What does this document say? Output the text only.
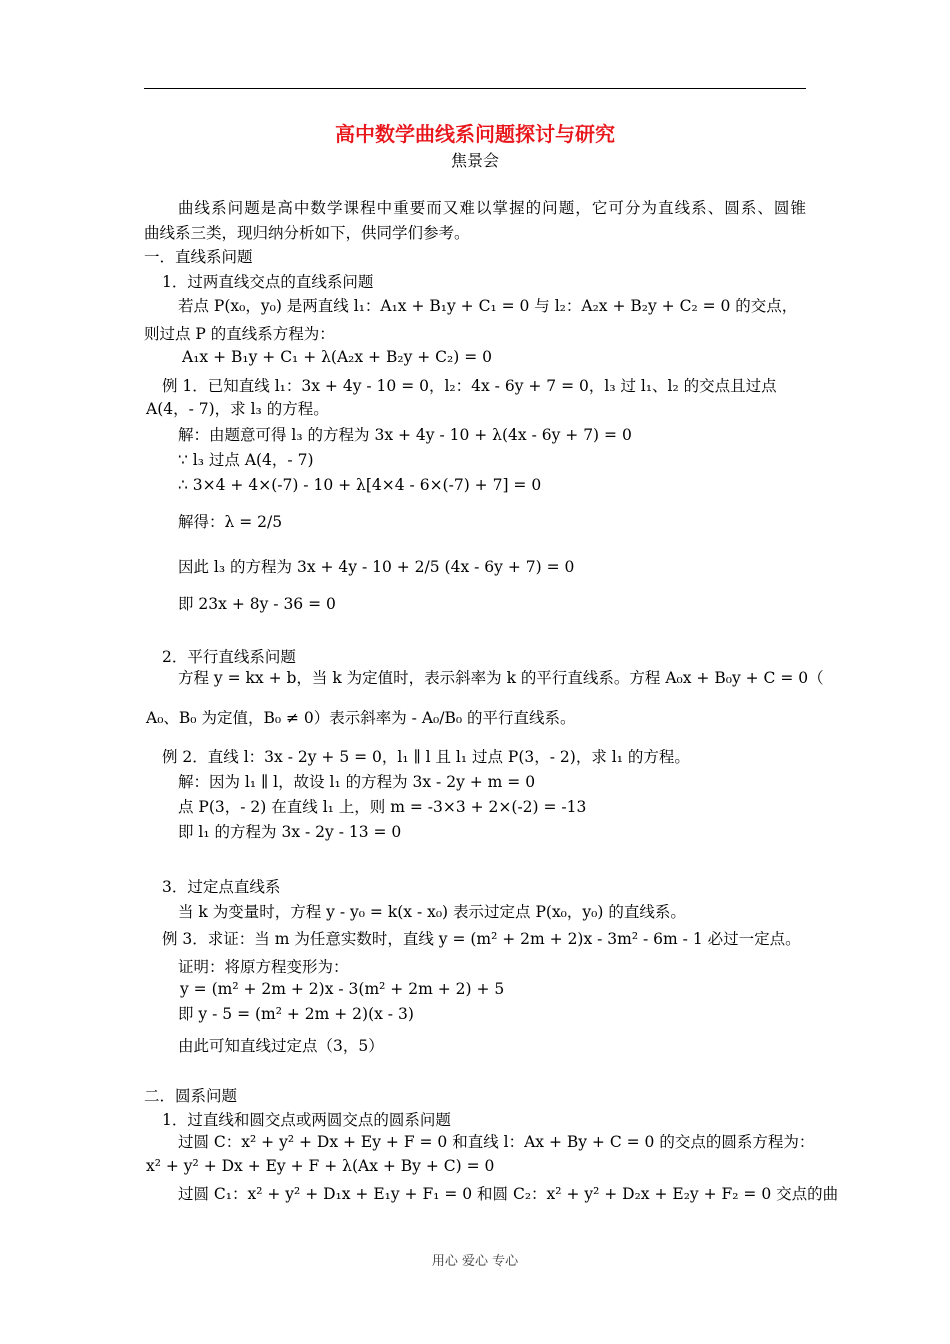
高中数学曲线系问题探讨与研究
焦景会
曲线系问题是高中数学课程中重要而又难以掌握的问题，它可分为直线系、圆系、圆锥
曲线系三类，现归纳分析如下，供同学们参考。
一．直线系问题
1．过两直线交点的直线系问题
若点 P(x₀，y₀) 是两直线 l₁：A₁x + B₁y + C₁ = 0 与 l₂：A₂x + B₂y + C₂ = 0 的交点，
则过点 P 的直线系方程为：
A₁x + B₁y + C₁ + λ(A₂x + B₂y + C₂) = 0
例 1．已知直线 l₁：3x + 4y - 10 = 0，l₂：4x - 6y + 7 = 0，l₃ 过 l₁、l₂ 的交点且过点
A(4，- 7)，求 l₃ 的方程。
解：由题意可得 l₃ 的方程为 3x + 4y - 10 + λ(4x - 6y + 7) = 0
∵ l₃ 过点 A(4，- 7)
∴ 3×4 + 4×(-7) - 10 + λ[4×4 - 6×(-7) + 7] = 0
解得：λ = 2/5
因此 l₃ 的方程为 3x + 4y - 10 + 2/5 (4x - 6y + 7) = 0
即 23x + 8y - 36 = 0
2．平行直线系问题
方程 y = kx + b，当 k 为定值时，表示斜率为 k 的平行直线系。方程 A₀x + B₀y + C = 0（
A₀、B₀ 为定值，B₀ ≠ 0）表示斜率为 - A₀/B₀ 的平行直线系。
例 2．直线 l：3x - 2y + 5 = 0，l₁ ∥ l 且 l₁ 过点 P(3，- 2)，求 l₁ 的方程。
解：因为 l₁ ∥ l，故设 l₁ 的方程为 3x - 2y + m = 0
点 P(3，- 2) 在直线 l₁ 上，则 m = -3×3 + 2×(-2) = -13
即 l₁ 的方程为 3x - 2y - 13 = 0
3．过定点直线系
当 k 为变量时，方程 y - y₀ = k(x - x₀) 表示过定点 P(x₀，y₀) 的直线系。
例 3．求证：当 m 为任意实数时，直线 y = (m² + 2m + 2)x - 3m² - 6m - 1 必过一定点。
证明：将原方程变形为：
y = (m² + 2m + 2)x - 3(m² + 2m + 2) + 5
即 y - 5 = (m² + 2m + 2)(x - 3)
由此可知直线过定点（3，5）
二．圆系问题
1．过直线和圆交点或两圆交点的圆系问题
过圆 C：x² + y² + Dx + Ey + F = 0 和直线 l：Ax + By + C = 0 的交点的圆系方程为：
x² + y² + Dx + Ey + F + λ(Ax + By + C) = 0
过圆 C₁：x² + y² + D₁x + E₁y + F₁ = 0 和圆 C₂：x² + y² + D₂x + E₂y + F₂ = 0 交点的曲
用心 爱心 专心
